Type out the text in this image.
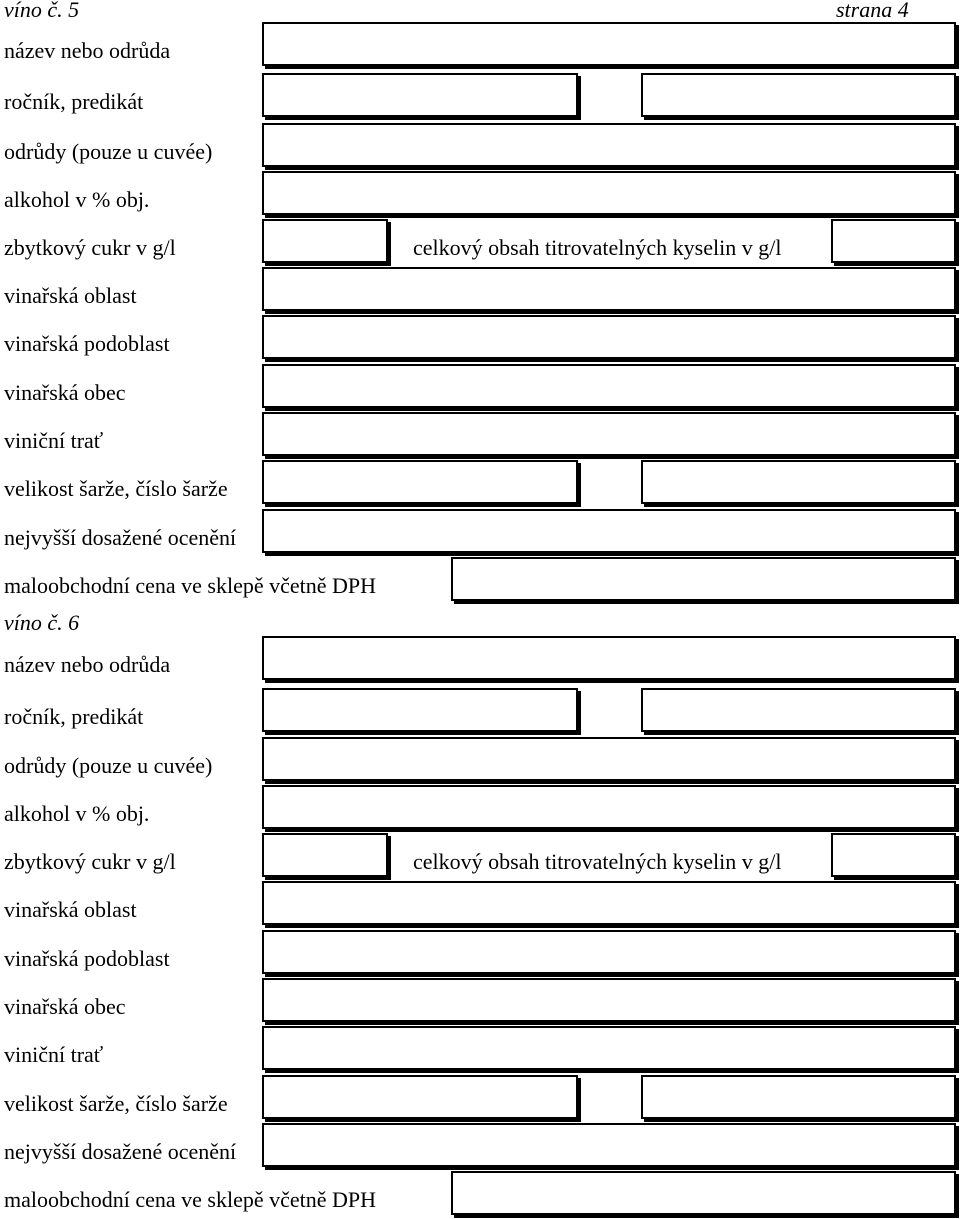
víno č. 5	strana 4
název nebo odrůda
ročník, predikát
odrůdy (pouze u cuvée)
alkohol v % obj.
zbytkový cukr v g/l	celkový obsah titrovatelných kyselin v g/l
vinařská oblast
vinařská podoblast
vinařská obec
viniční trať
velikost šarže, číslo šarže
nejvyšší dosažené ocenění
maloobchodní cena ve sklepě včetně DPH
víno č. 6
název nebo odrůda
ročník, predikát
odrůdy (pouze u cuvée)
alkohol v % obj.
zbytkový cukr v g/l	celkový obsah titrovatelných kyselin v g/l
vinařská oblast
vinařská podoblast
vinařská obec
viniční trať
velikost šarže, číslo šarže
nejvyšší dosažené ocenění
maloobchodní cena ve sklepě včetně DPH
